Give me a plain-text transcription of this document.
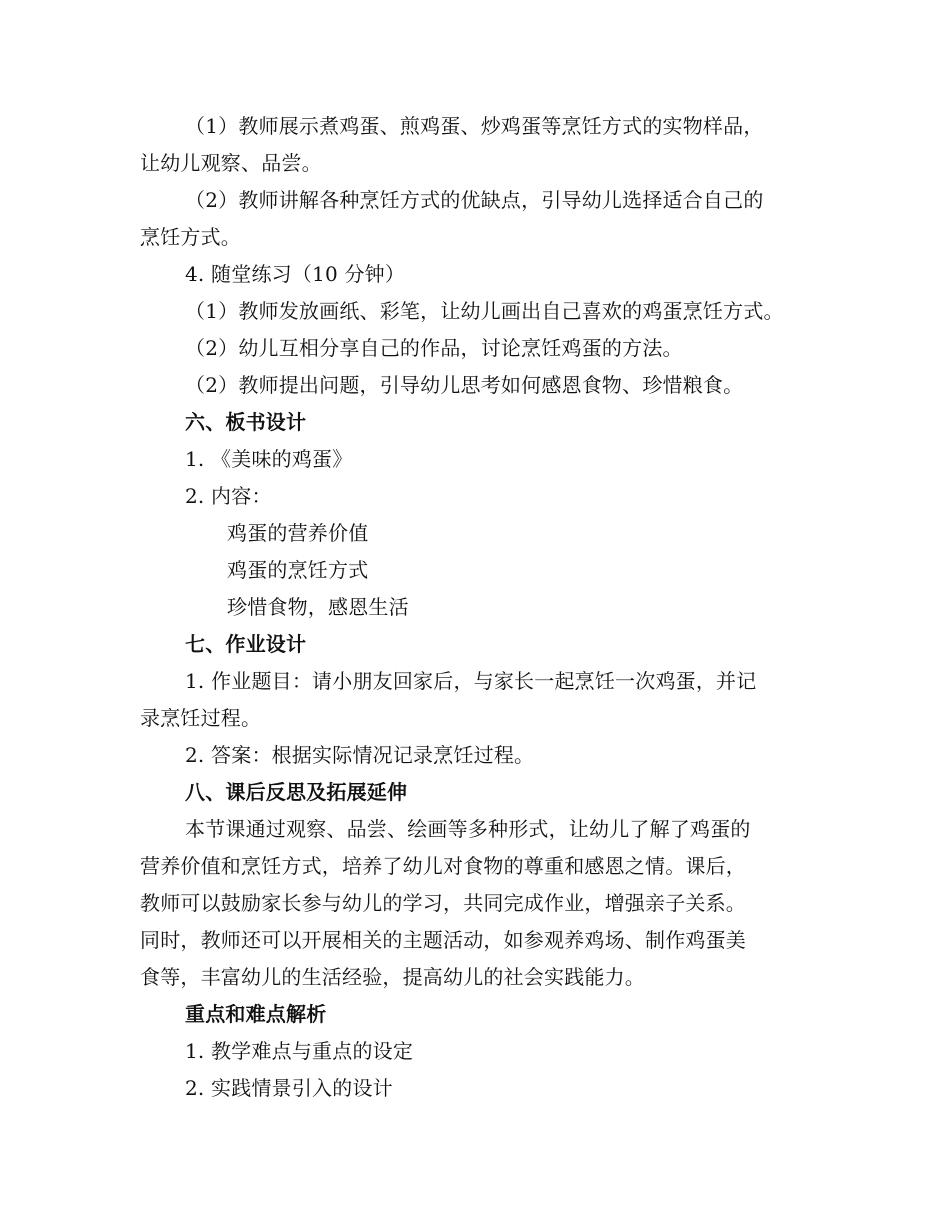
（1）教师展示煮鸡蛋、煎鸡蛋、炒鸡蛋等烹饪方式的实物样品，
让幼儿观察、品尝。
（2）教师讲解各种烹饪方式的优缺点，引导幼儿选择适合自己的
烹饪方式。
4. 随堂练习（10 分钟）
（1）教师发放画纸、彩笔，让幼儿画出自己喜欢的鸡蛋烹饪方式。
（2）幼儿互相分享自己的作品，讨论烹饪鸡蛋的方法。
（2）教师提出问题，引导幼儿思考如何感恩食物、珍惜粮食。
六、板书设计
1. 《美味的鸡蛋》
2. 内容：
鸡蛋的营养价值
鸡蛋的烹饪方式
珍惜食物，感恩生活
七、作业设计
1. 作业题目：请小朋友回家后，与家长一起烹饪一次鸡蛋，并记
录烹饪过程。
2. 答案：根据实际情况记录烹饪过程。
八、课后反思及拓展延伸
本节课通过观察、品尝、绘画等多种形式，让幼儿了解了鸡蛋的
营养价值和烹饪方式，培养了幼儿对食物的尊重和感恩之情。课后，
教师可以鼓励家长参与幼儿的学习，共同完成作业，增强亲子关系。
同时，教师还可以开展相关的主题活动，如参观养鸡场、制作鸡蛋美
食等，丰富幼儿的生活经验，提高幼儿的社会实践能力。
重点和难点解析
1. 教学难点与重点的设定
2. 实践情景引入的设计
